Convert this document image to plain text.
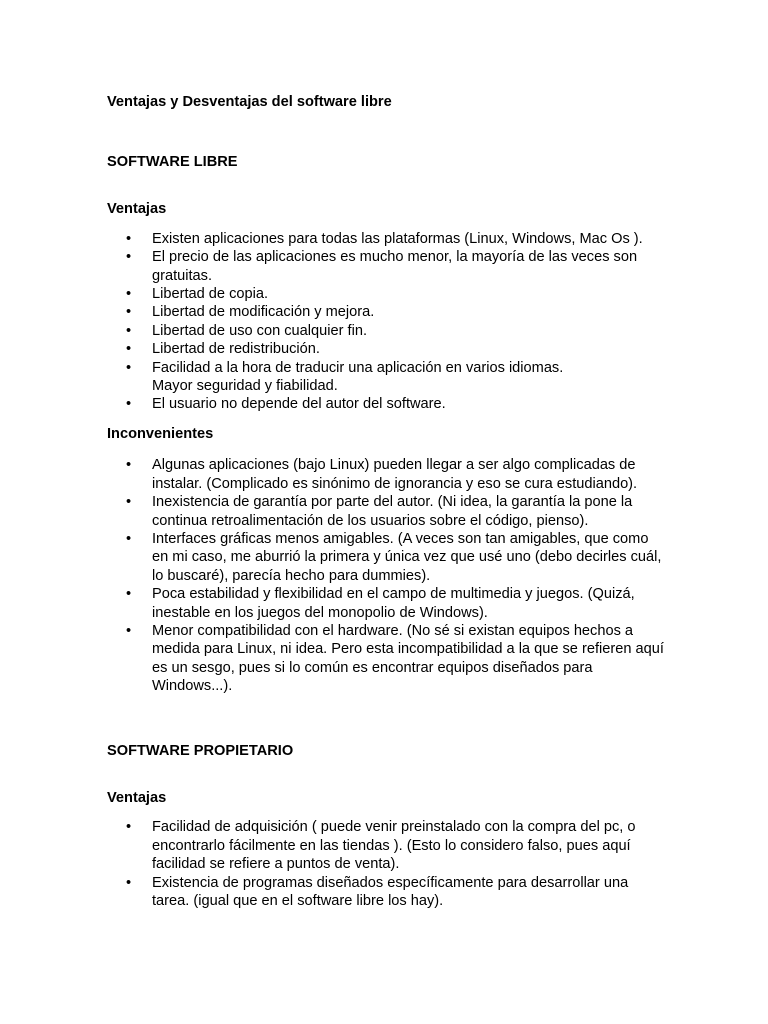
Ventajas y Desventajas del software libre

SOFTWARE LIBRE

Ventajas

• Existen aplicaciones para todas las plataformas (Linux, Windows, Mac Os ).
• El precio de las aplicaciones es mucho menor, la mayoría de las veces son gratuitas.
• Libertad de copia.
• Libertad de modificación y mejora.
• Libertad de uso con cualquier fin.
• Libertad de redistribución.
• Facilidad a la hora de traducir una aplicación en varios idiomas.
Mayor seguridad y fiabilidad.
• El usuario no depende del autor del software.

Inconvenientes

• Algunas aplicaciones (bajo Linux) pueden llegar a ser algo complicadas de instalar. (Complicado es sinónimo de ignorancia y eso se cura estudiando).
• Inexistencia de garantía por parte del autor. (Ni idea, la garantía la pone la continua retroalimentación de los usuarios sobre el código, pienso).
• Interfaces gráficas menos amigables. (A veces son tan amigables, que como en mi caso, me aburrió la primera y única vez que usé uno (debo decirles cuál, lo buscaré), parecía hecho para dummies).
• Poca estabilidad y flexibilidad en el campo de multimedia y juegos. (Quizá, inestable en los juegos del monopolio de Windows).
• Menor compatibilidad con el hardware. (No sé si existan equipos hechos a medida para Linux, ni idea. Pero esta incompatibilidad a la que se refieren aquí es un sesgo, pues si lo común es encontrar equipos diseñados para Windows...).

SOFTWARE PROPIETARIO

Ventajas

• Facilidad de adquisición ( puede venir preinstalado con la compra del pc, o encontrarlo fácilmente en las tiendas ). (Esto lo considero falso, pues aquí facilidad se refiere a puntos de venta).
• Existencia de programas diseñados específicamente para desarrollar una tarea. (igual que en el software libre los hay).
